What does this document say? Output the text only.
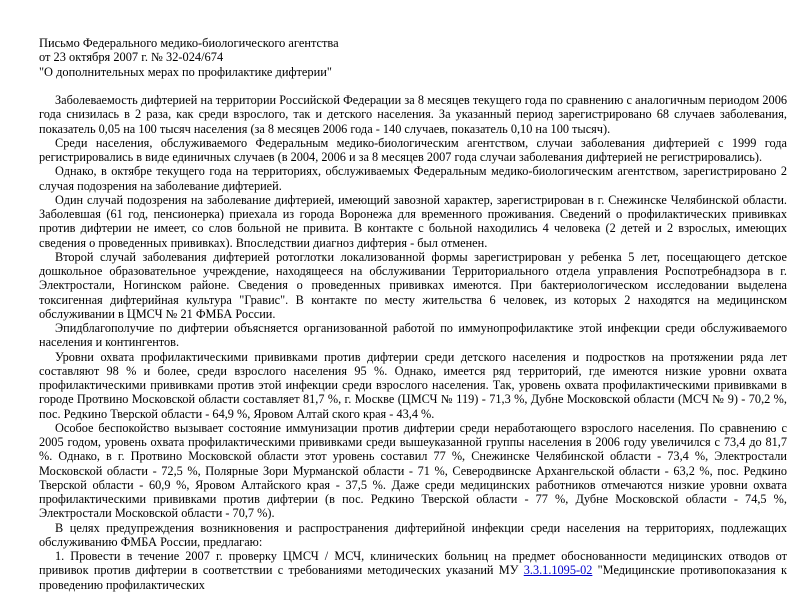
Письмо Федерального медико-биологического агентства
от 23 октября 2007 г. № 32-024/674
"О дополнительных мерах по профилактике дифтерии"

Заболеваемость дифтерией на территории Российской Федерации за 8 месяцев текущего года по сравнению с аналогичным периодом 2006 года снизилась в 2 раза, как среди взрослого, так и детского населения. За указанный период зарегистрировано 68 случаев заболевания, показатель 0,05 на 100 тысяч населения (за 8 месяцев 2006 года - 140 случаев, показатель 0,10 на 100 тысяч).

Среди населения, обслуживаемого Федеральным медико-биологическим агентством, случаи заболевания дифтерией с 1999 года регистрировались в виде единичных случаев (в 2004, 2006 и за 8 месяцев 2007 года случаи заболевания дифтерией не регистрировались).

Однако, в октябре текущего года на территориях, обслуживаемых Федеральным медико-биологическим агентством, зарегистрировано 2 случая подозрения на заболевание дифтерией.

Один случай подозрения на заболевание дифтерией, имеющий завозной характер, зарегистрирован в г. Снежинске Челябинской области. Заболевшая (61 год, пенсионерка) приехала из города Воронежа для временного проживания. Сведений о профилактических прививках против дифтерии не имеет, со слов больной не привита. В контакте с больной находились 4 человека (2 детей и 2 взрослых, имеющих сведения о проведенных прививках). Впоследствии диагноз дифтерия - был отменен.

Второй случай заболевания дифтерией ротоглотки локализованной формы зарегистрирован у ребенка 5 лет, посещающего детское дошкольное образовательное учреждение, находящееся на обслуживании Территориального отдела управления Роспотребнадзора в г. Электростали, Ногинском районе. Сведения о проведенных прививках имеются. При бактериологическом исследовании выделена токсигенная дифтерийная культура "Гравис". В контакте по месту жительства 6 человек, из которых 2 находятся на медицинском обслуживании в ЦМСЧ № 21 ФМБА России.

Эпидблагополучие по дифтерии объясняется организованной работой по иммунопрофилактике этой инфекции среди обслуживаемого населения и контингентов.

Уровни охвата профилактическими прививками против дифтерии среди детского населения и подростков на протяжении ряда лет составляют 98 % и более, среди взрослого населения 95 %. Однако, имеется ряд территорий, где имеются низкие уровни охвата профилактическими прививками против этой инфекции среди взрослого населения. Так, уровень охвата профилактическими прививками в городе Протвино Московской области составляет 81,7 %, г. Москве (ЦМСЧ № 119) - 71,3 %, Дубне Московской области (МСЧ № 9) - 70,2 %, пос. Редкино Тверской области - 64,9 %, Яровом Алтай ского края - 43,4 %.

Особое беспокойство вызывает состояние иммунизации против дифтерии среди неработающего взрослого населения. По сравнению с 2005 годом, уровень охвата профилактическими прививками среди вышеуказанной группы населения в 2006 году увеличился с 73,4 до 81,7 %. Однако, в г. Протвино Московской области этот уровень составил 77 %, Снежинске Челябинской области - 73,4 %, Электростали Московской области - 72,5 %, Полярные Зори Мурманской области - 71 %, Северодвинске Архангельской области - 63,2 %, пос. Редкино Тверской области - 60,9 %, Яровом Алтайского края - 37,5 %. Даже среди медицинских работников отмечаются низкие уровни охвата профилактическими прививками против дифтерии (в пос. Редкино Тверской области - 77 %, Дубне Московской области - 74,5 %, Электростали Московской области - 70,7 %).

В целях предупреждения возникновения и распространения дифтерийной инфекции среди населения на территориях, подлежащих обслуживанию ФМБА России, предлагаю:

1. Провести в течение 2007 г. проверку ЦМСЧ / МСЧ, клинических больниц на предмет обоснованности медицинских отводов от прививок против дифтерии в соответствии с требованиями методических указаний МУ 3.3.1.1095-02 "Медицинские противопоказания к проведению профилактических
